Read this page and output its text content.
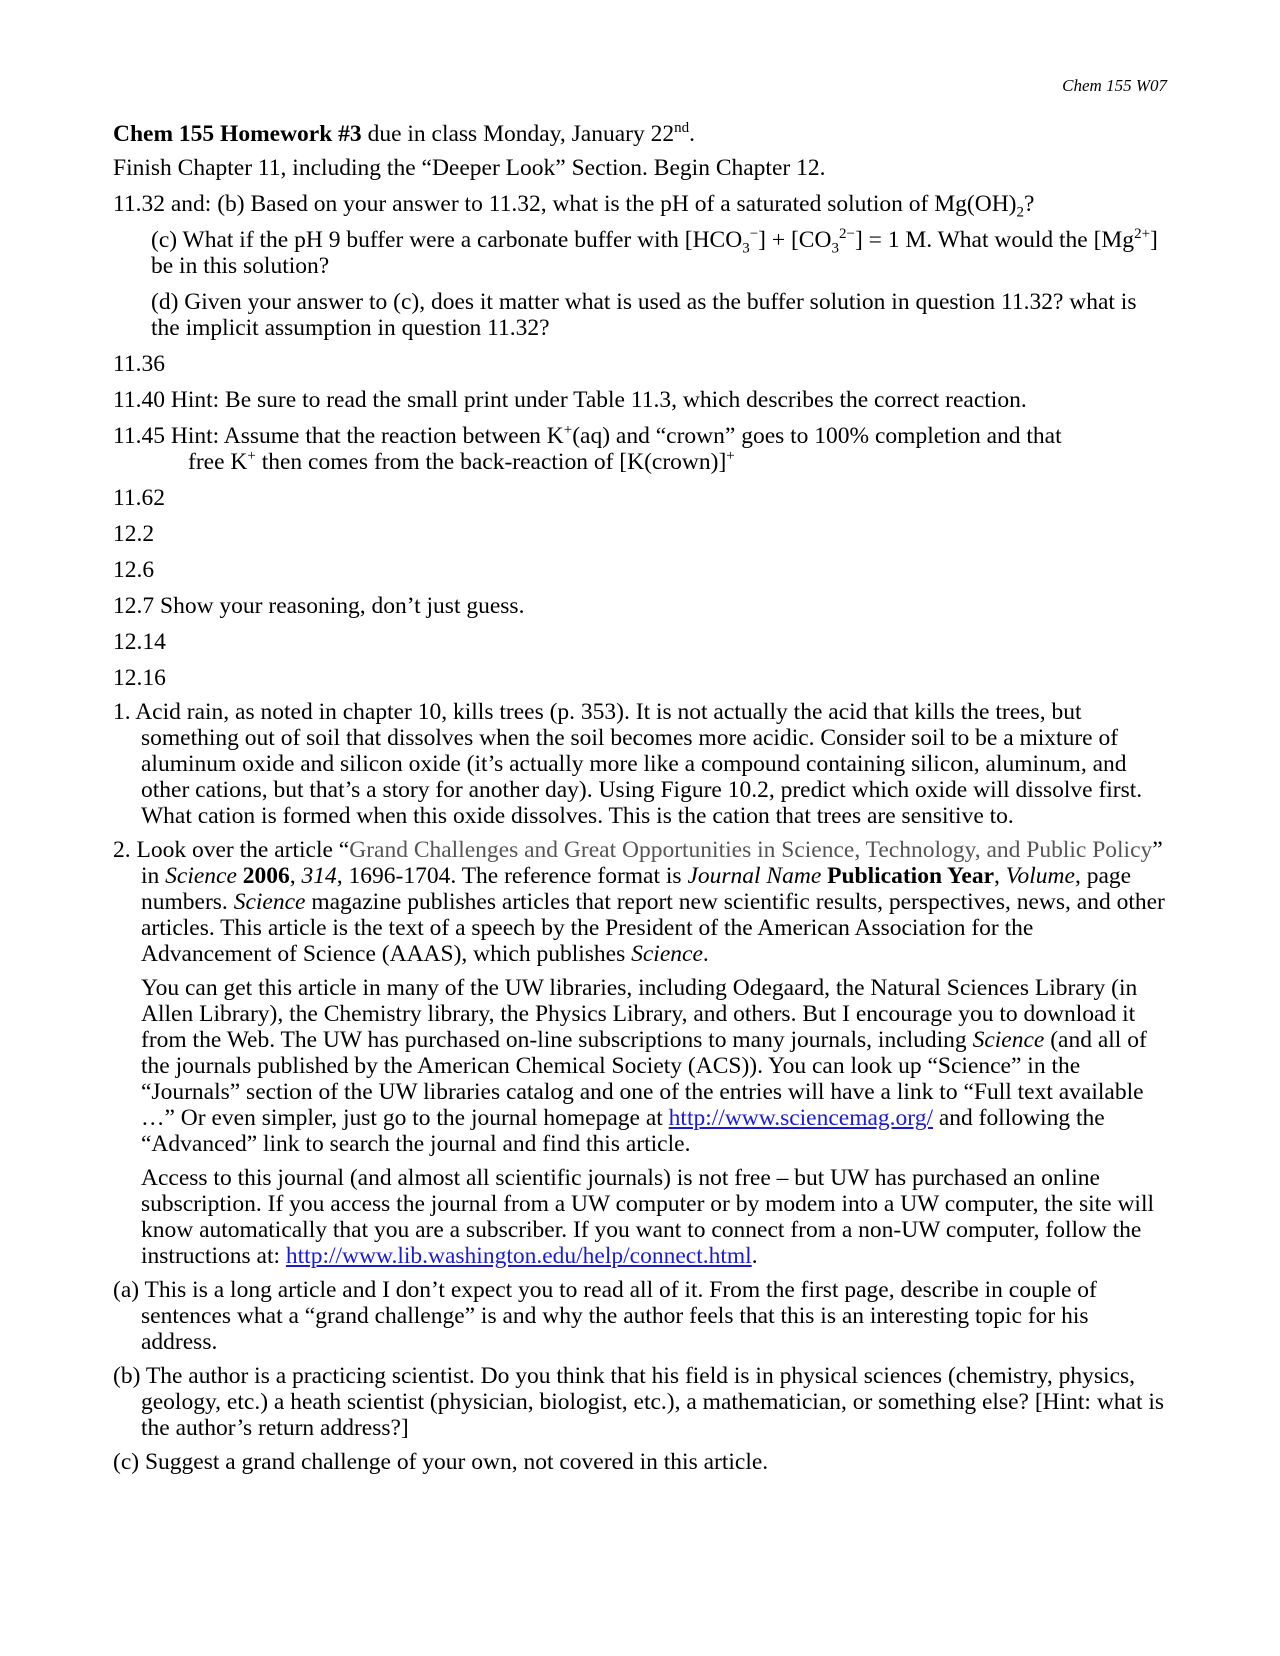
Chem 155 W07

Chem 155 Homework #3 due in class Monday, January 22nd.

Finish Chapter 11, including the “Deeper Look” Section. Begin Chapter 12.

11.32 and: (b) Based on your answer to 11.32, what is the pH of a saturated solution of $Mg(OH)_2$?

(c) What if the pH 9 buffer were a carbonate buffer with $[HCO_3^-] + [CO_3^{2-}] = 1$ M. What would the $[Mg^{2+}]$ be in this solution?

(d) Given your answer to (c), does it matter what is used as the buffer solution in question 11.32? what is the implicit assumption in question 11.32?

11.36

11.40 Hint: Be sure to read the small print under Table 11.3, which describes the correct reaction.

11.45 Hint: Assume that the reaction between K+(aq) and “crown” goes to 100% completion and that
free K+ then comes from the back-reaction of [K(crown)]+

11.62

12.2

12.6

12.7 Show your reasoning, don’t just guess.

12.14

12.16

1. Acid rain, as noted in chapter 10, kills trees (p. 353). It is not actually the acid that kills the trees, but something out of soil that dissolves when the soil becomes more acidic. Consider soil to be a mixture of aluminum oxide and silicon oxide (it’s actually more like a compound containing silicon, aluminum, and other cations, but that’s a story for another day). Using Figure 10.2, predict which oxide will dissolve first. What cation is formed when this oxide dissolves. This is the cation that trees are sensitive to.

2. Look over the article “Grand Challenges and Great Opportunities in Science, Technology, and Public Policy” in Science 2006, 314, 1696-1704. The reference format is Journal Name Publication Year, Volume, page numbers. Science magazine publishes articles that report new scientific results, perspectives, news, and other articles. This article is the text of a speech by the President of the American Association for the Advancement of Science (AAAS), which publishes Science.

You can get this article in many of the UW libraries, including Odegaard, the Natural Sciences Library (in Allen Library), the Chemistry library, the Physics Library, and others. But I encourage you to download it from the Web. The UW has purchased on-line subscriptions to many journals, including Science (and all of the journals published by the American Chemical Society (ACS)). You can look up “Science” in the “Journals” section of the UW libraries catalog and one of the entries will have a link to “Full text available …” Or even simpler, just go to the journal homepage at http://www.sciencemag.org/ and following the “Advanced” link to search the journal and find this article.

Access to this journal (and almost all scientific journals) is not free – but UW has purchased an online subscription. If you access the journal from a UW computer or by modem into a UW computer, the site will know automatically that you are a subscriber. If you want to connect from a non-UW computer, follow the instructions at: http://www.lib.washington.edu/help/connect.html.

(a) This is a long article and I don’t expect you to read all of it. From the first page, describe in couple of sentences what a “grand challenge” is and why the author feels that this is an interesting topic for his address.

(b) The author is a practicing scientist. Do you think that his field is in physical sciences (chemistry, physics, geology, etc.) a heath scientist (physician, biologist, etc.), a mathematician, or something else? [Hint: what is the author’s return address?]

(c) Suggest a grand challenge of your own, not covered in this article.
